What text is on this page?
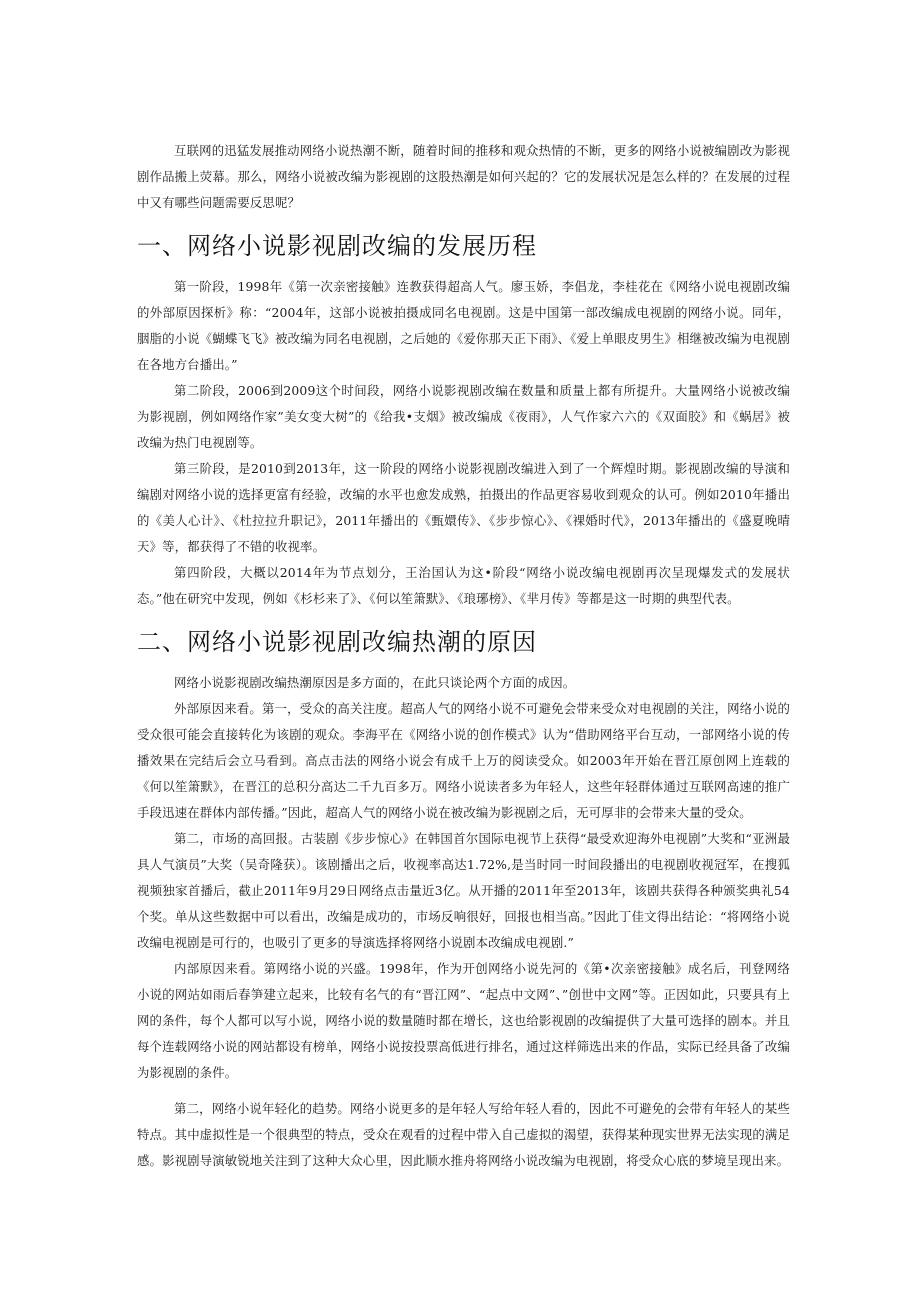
互联网的迅猛发展推动网络小说热潮不断，随着时间的推移和观众热情的不断，更多的网络小说被编剧改为影视剧作品搬上荧幕。那么，网络小说被改编为影视剧的这股热潮是如何兴起的？它的发展状况是怎么样的？在发展的过程中又有哪些问题需要反思呢？

一、网络小说影视剧改编的发展历程

第一阶段，1998年《第一次亲密接触》连教获得超高人气。廖玉娇，李倡龙，李桂花在《网络小说电视剧改编的外部原因探析》称：“2004年，这部小说被拍摄成同名电视剧。这是中国第一部改编成电视剧的网络小说。同年，胭脂的小说《蝴蝶飞飞》被改编为同名电视剧，之后她的《爱你那天正下雨》、《爱上单眼皮男生》相继被改编为电视剧在各地方台播出。”

第二阶段，2006到2009这个时间段，网络小说影视剧改编在数量和质量上都有所提升。大量网络小说被改编为影视剧，例如网络作家”美女变大树”的《给我•支烟》被改编成《夜雨》，人气作家六六的《双面胶》和《蜗居》被改编为热门电视剧等。

第三阶段，是2010到2013年，这一阶段的网络小说影视剧改编进入到了一个辉煌时期。影视剧改编的导演和编剧对网络小说的选择更富有经验，改编的水平也愈发成熟，拍摄出的作品更容易收到观众的认可。例如2010年播出的《美人心计》、《杜拉拉升职记》，2011年播出的《甄嬛传》、《步步惊心》、《裸婚时代》，2013年播出的《盛夏晚晴天》等，都获得了不错的收视率。

第四阶段，大概以2014年为节点划分，王治国认为这•阶段“网络小说改编电视剧再次呈现爆发式的发展状态。”他在研究中发现，例如《杉杉来了》、《何以笙箫默》、《琅琊榜》、《芈月传》等都是这一时期的典型代表。

二、网络小说影视剧改编热潮的原因

网络小说影视剧改编热潮原因是多方面的，在此只谈论两个方面的成因。

外部原因来看。第一，受众的高关注度。超高人气的网络小说不可避免会带来受众对电视剧的关注，网络小说的受众很可能会直接转化为该剧的观众。李海平在《网络小说的创作模式》认为“借助网络平台互动，一部网络小说的传播效果在完结后会立马看到。高点击法的网络小说会有成千上万的阅读受众。如2003年开始在晋江原创网上连载的《何以笙箫默》，在晋江的总积分高达二千九百多万。网络小说读者多为年轻人，这些年轻群体通过互联网高速的推广手段迅速在群体内部传播。”因此，超高人气的网络小说在被改编为影视剧之后，无可厚非的会带来大量的受众。

第二，市场的高回报。古装剧《步步惊心》在韩国首尔国际电视节上获得“最受欢迎海外电视剧”大奖和“亚洲最具人气演员”大奖（吴奇隆获）。该剧播出之后，收视率高达1.72%,是当时同一时间段播出的电视剧收视冠军，在搜狐视频独家首播后，截止2011年9月29日网络点击量近3亿。从开播的2011年至2013年，该剧共获得各种颁奖典礼54个奖。单从这些数据中可以看出，改编是成功的，市场反响很好，回报也相当高。”因此丁佳文得出结论：“将网络小说改编电视剧是可行的，也吸引了更多的导演选择将网络小说剧本改编成电视剧.”

内部原因来看。第网络小说的兴盛。1998年，作为开创网络小说先河的《第•次亲密接触》成名后，刊登网络小说的网站如雨后春笋建立起来，比较有名气的有“晋江网”、“起点中文网”、”创世中文网”等。正因如此，只要具有上网的条件，每个人都可以写小说，网络小说的数量随时都在增长，这也给影视剧的改编提供了大量可选择的剧本。并且每个连载网络小说的网站都设有榜单，网络小说按投票高低进行排名，通过这样筛选出来的作品，实际已经具备了改编为影视剧的条件。

第二，网络小说年轻化的趋势。网络小说更多的是年轻人写给年轻人看的，因此不可避免的会带有年轻人的某些特点。其中虚拟性是一个很典型的特点，受众在观看的过程中带入自己虚拟的渴望，获得某种现实世界无法实现的满足感。影视剧导演敏锐地关注到了这种大众心里，因此顺水推舟将网络小说改编为电视剧，将受众心底的梦境呈现出来。
